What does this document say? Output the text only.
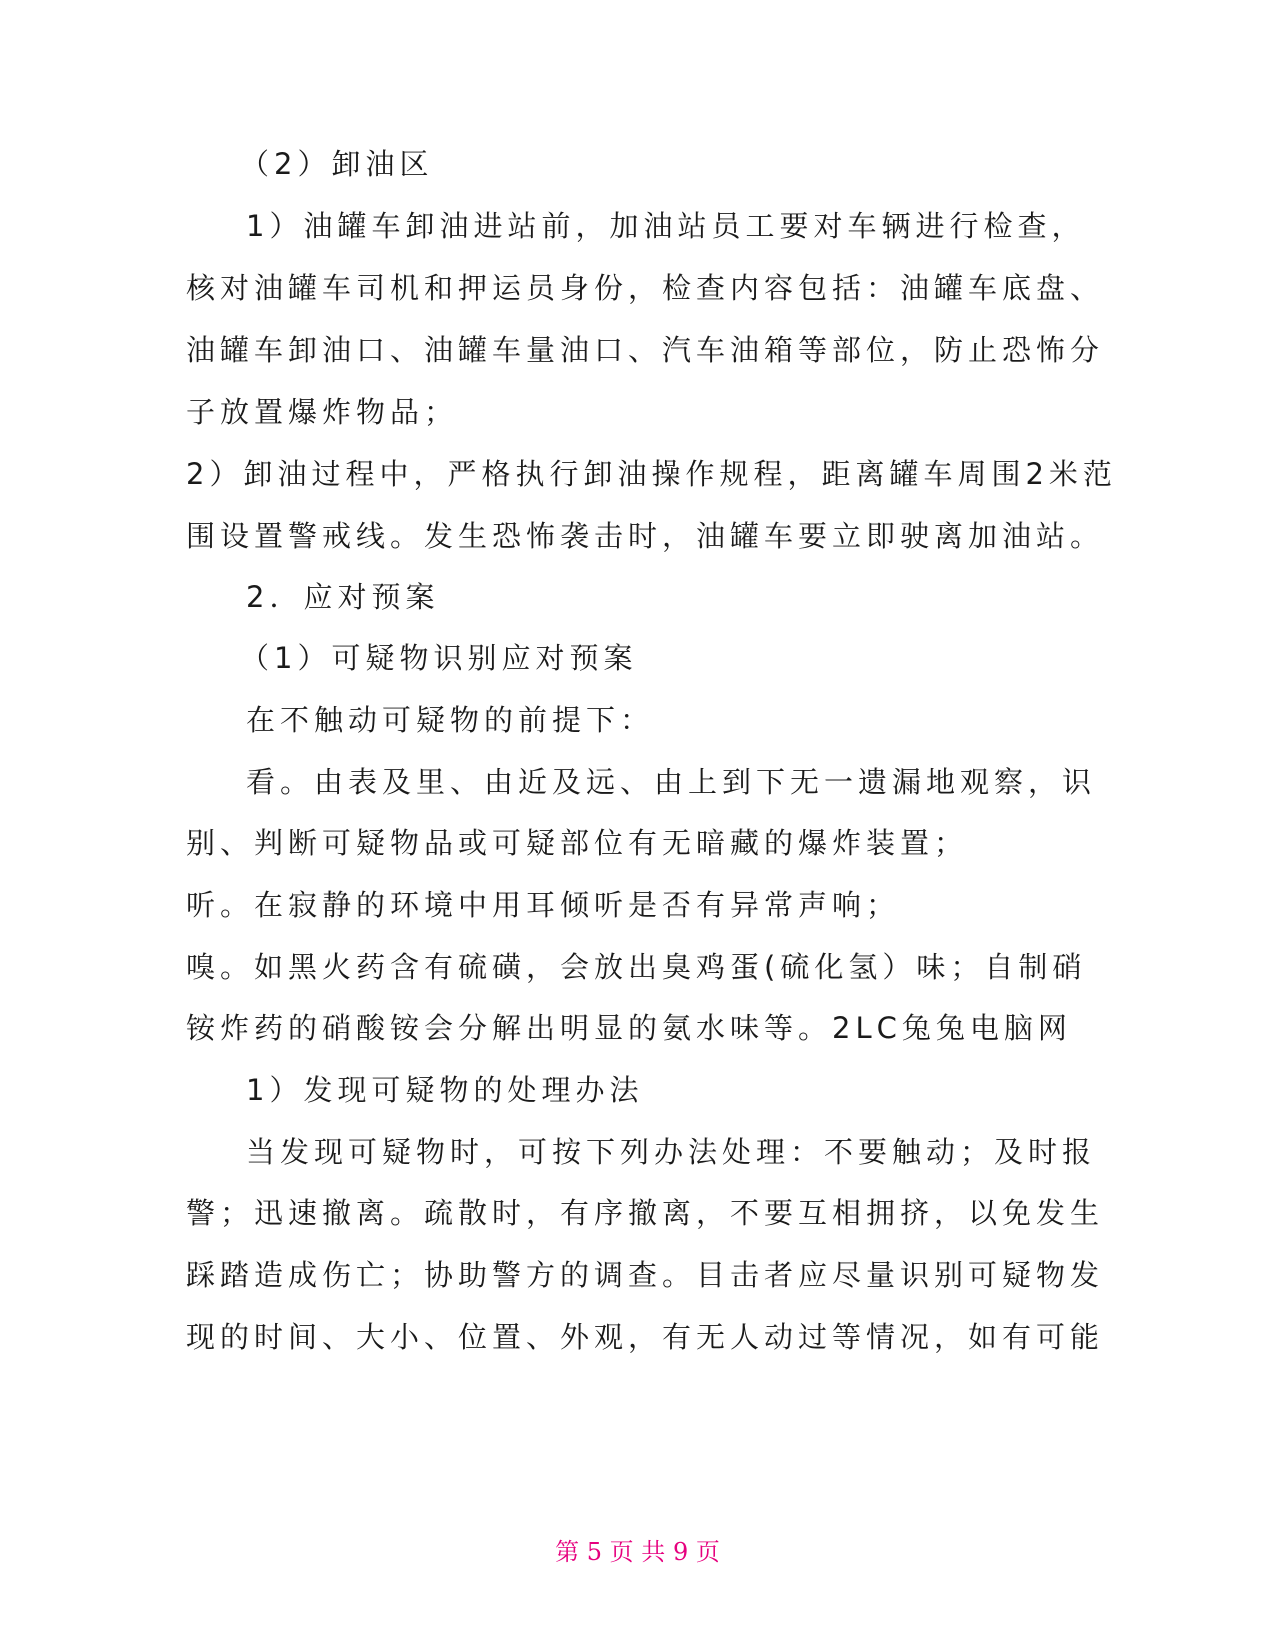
（2）卸油区
1）油罐车卸油进站前，加油站员工要对车辆进行检查，
核对油罐车司机和押运员身份，检查内容包括：油罐车底盘、
油罐车卸油口、油罐车量油口、汽车油箱等部位，防止恐怖分
子放置爆炸物品；
2）卸油过程中，严格执行卸油操作规程，距离罐车周围2米范
围设置警戒线。发生恐怖袭击时，油罐车要立即驶离加油站。
2．应对预案
（1）可疑物识别应对预案
在不触动可疑物的前提下：
看。由表及里、由近及远、由上到下无一遗漏地观察，识
别、判断可疑物品或可疑部位有无暗藏的爆炸装置；
听。在寂静的环境中用耳倾听是否有异常声响；
嗅。如黑火药含有硫磺，会放出臭鸡蛋(硫化氢）味；自制硝
铵炸药的硝酸铵会分解出明显的氨水味等。2LC兔兔电脑网
1）发现可疑物的处理办法
当发现可疑物时，可按下列办法处理：不要触动；及时报
警；迅速撤离。疏散时，有序撤离，不要互相拥挤，以免发生
踩踏造成伤亡；协助警方的调查。目击者应尽量识别可疑物发
现的时间、大小、位置、外观，有无人动过等情况，如有可能
第 5 页 共 9 页
